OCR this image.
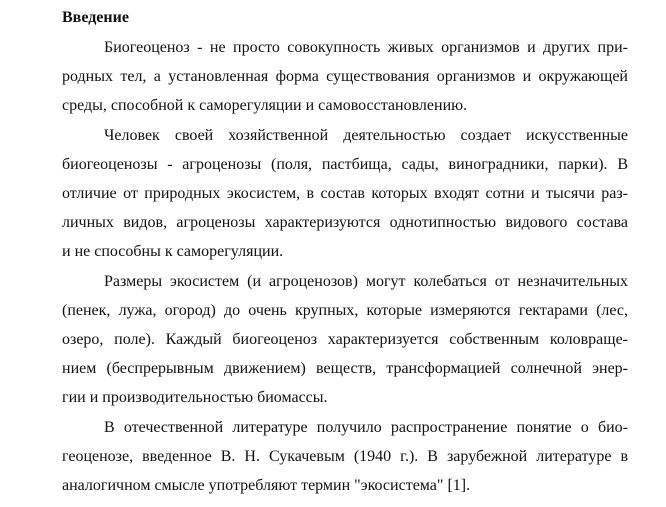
Введение
Биогеоценоз - не просто совокупность живых организмов и других при-
родных тел, а установленная форма существования организмов и окружающей
среды, способной к саморегуляции и самовосстановлению.
Человек своей хозяйственной деятельностью создает искусственные
биогеоценозы - агроценозы (поля, пастбища, сады, виноградники, парки). В
отличие от природных экосистем, в состав которых входят сотни и тысячи раз-
личных видов, агроценозы характеризуются однотипностью видового состава
и не способны к саморегуляции.
Размеры экосистем (и агроценозов) могут колебаться от незначительных
(пенек, лужа, огород) до очень крупных, которые измеряются гектарами (лес,
озеро, поле). Каждый биогеоценоз характеризуется собственным коловраще-
нием (беспрерывным движением) веществ, трансформацией солнечной энер-
гии и производительностью биомассы.
В отечественной литературе получило распространение понятие о био-
геоценозе, введенное В. Н. Сукачевым (1940 г.). В зарубежной литературе в
аналогичном смысле употребляют термин "экосистема" [1].
